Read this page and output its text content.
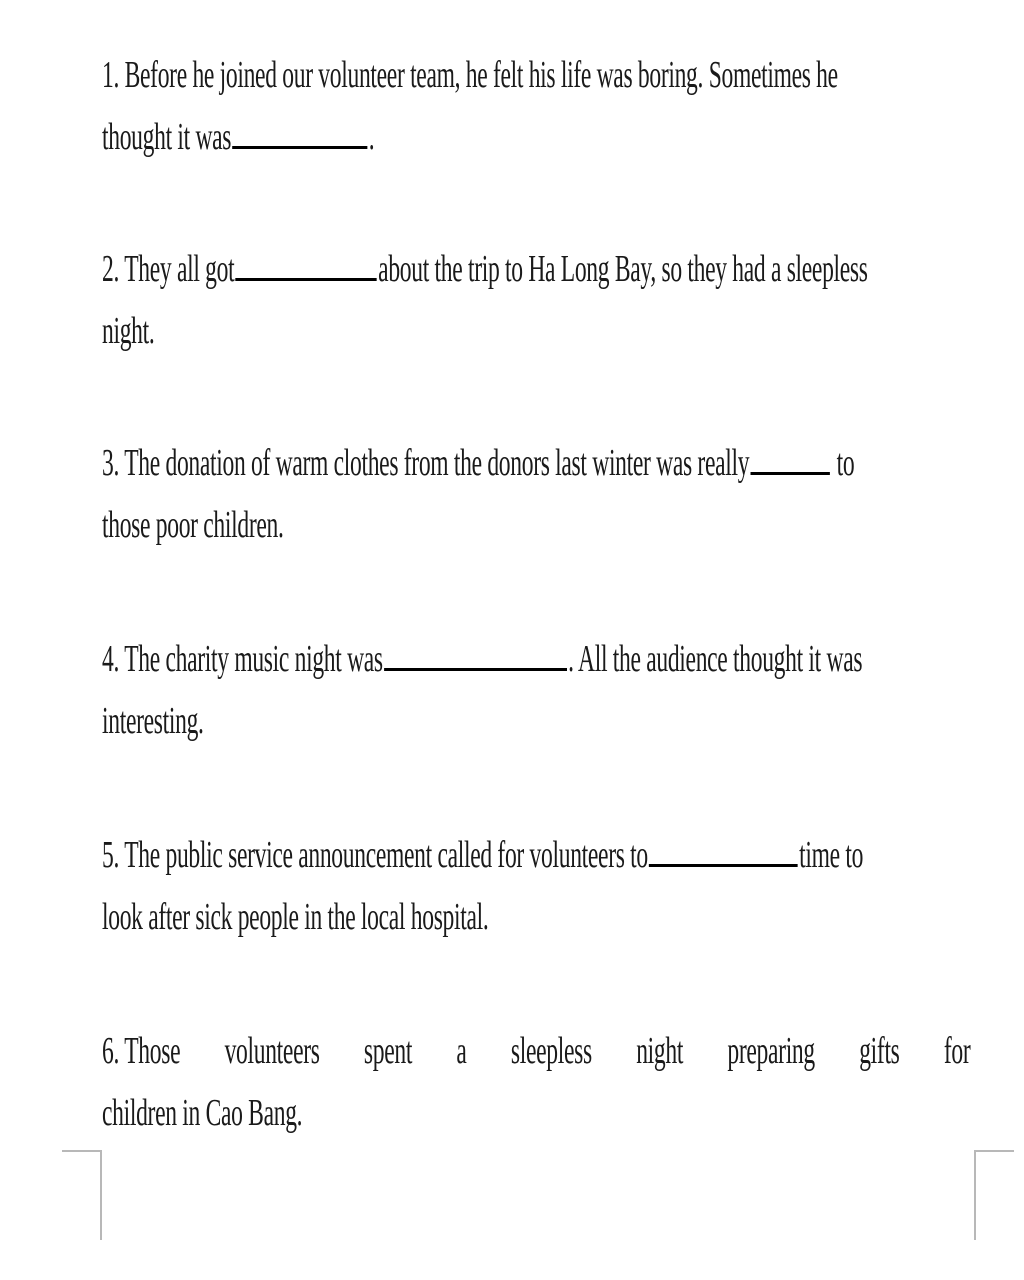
1. Before he joined our volunteer team, he felt his life was boring. Sometimes he
thought it was	.
2. They all got	about the trip to Ha Long Bay, so they had a sleepless
night.
3. The donation of warm clothes from the donors last winter was really to
those poor children.
4. The charity music night was	. All the audience thought it was
interesting.
5. The public service announcement called for volunteers to	time to
look after sick people in the local hospital.
6. Those volunteers spent a sleepless night preparing gifts for
children in Cao Bang.
